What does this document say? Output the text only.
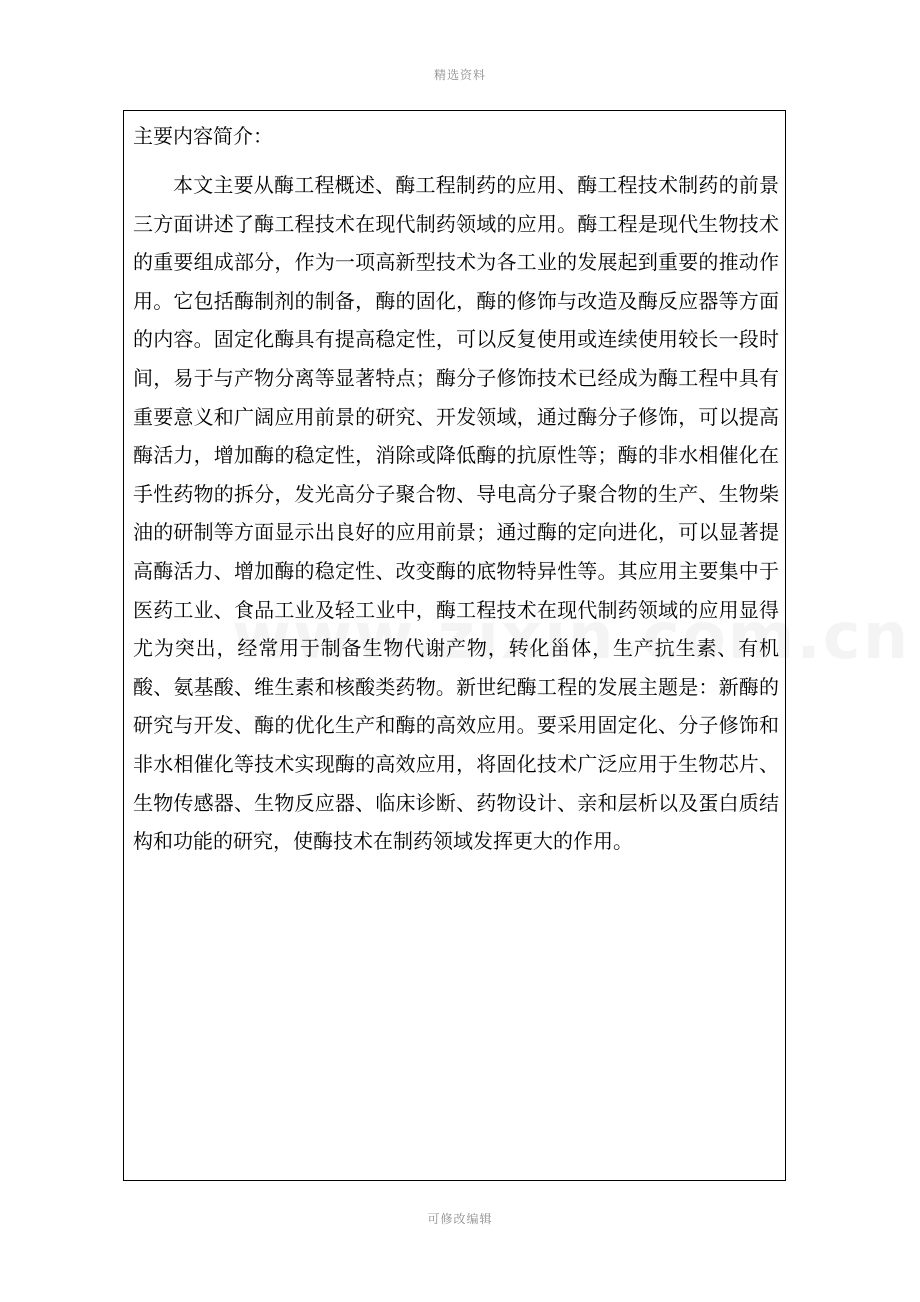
精选资料
主要内容简介：

本文主要从酶工程概述、酶工程制药的应用、酶工程技术制药的前景三方面讲述了酶工程技术在现代制药领域的应用。酶工程是现代生物技术的重要组成部分，作为一项高新型技术为各工业的发展起到重要的推动作用。它包括酶制剂的制备，酶的固化，酶的修饰与改造及酶反应器等方面的内容。固定化酶具有提高稳定性，可以反复使用或连续使用较长一段时间，易于与产物分离等显著特点；酶分子修饰技术已经成为酶工程中具有重要意义和广阔应用前景的研究、开发领域，通过酶分子修饰，可以提高酶活力，增加酶的稳定性，消除或降低酶的抗原性等；酶的非水相催化在手性药物的拆分，发光高分子聚合物、导电高分子聚合物的生产、生物柴油的研制等方面显示出良好的应用前景；通过酶的定向进化，可以显著提高酶活力、增加酶的稳定性、改变酶的底物特异性等。其应用主要集中于医药工业、食品工业及轻工业中，酶工程技术在现代制药领域的应用显得尤为突出，经常用于制备生物代谢产物，转化甾体，生产抗生素、有机酸、氨基酸、维生素和核酸类药物。新世纪酶工程的发展主题是：新酶的研究与开发、酶的优化生产和酶的高效应用。要采用固定化、分子修饰和非水相催化等技术实现酶的高效应用，将固化技术广泛应用于生物芯片、生物传感器、生物反应器、临床诊断、药物设计、亲和层析以及蛋白质结构和功能的研究，使酶技术在制药领域发挥更大的作用。

可修改编辑
